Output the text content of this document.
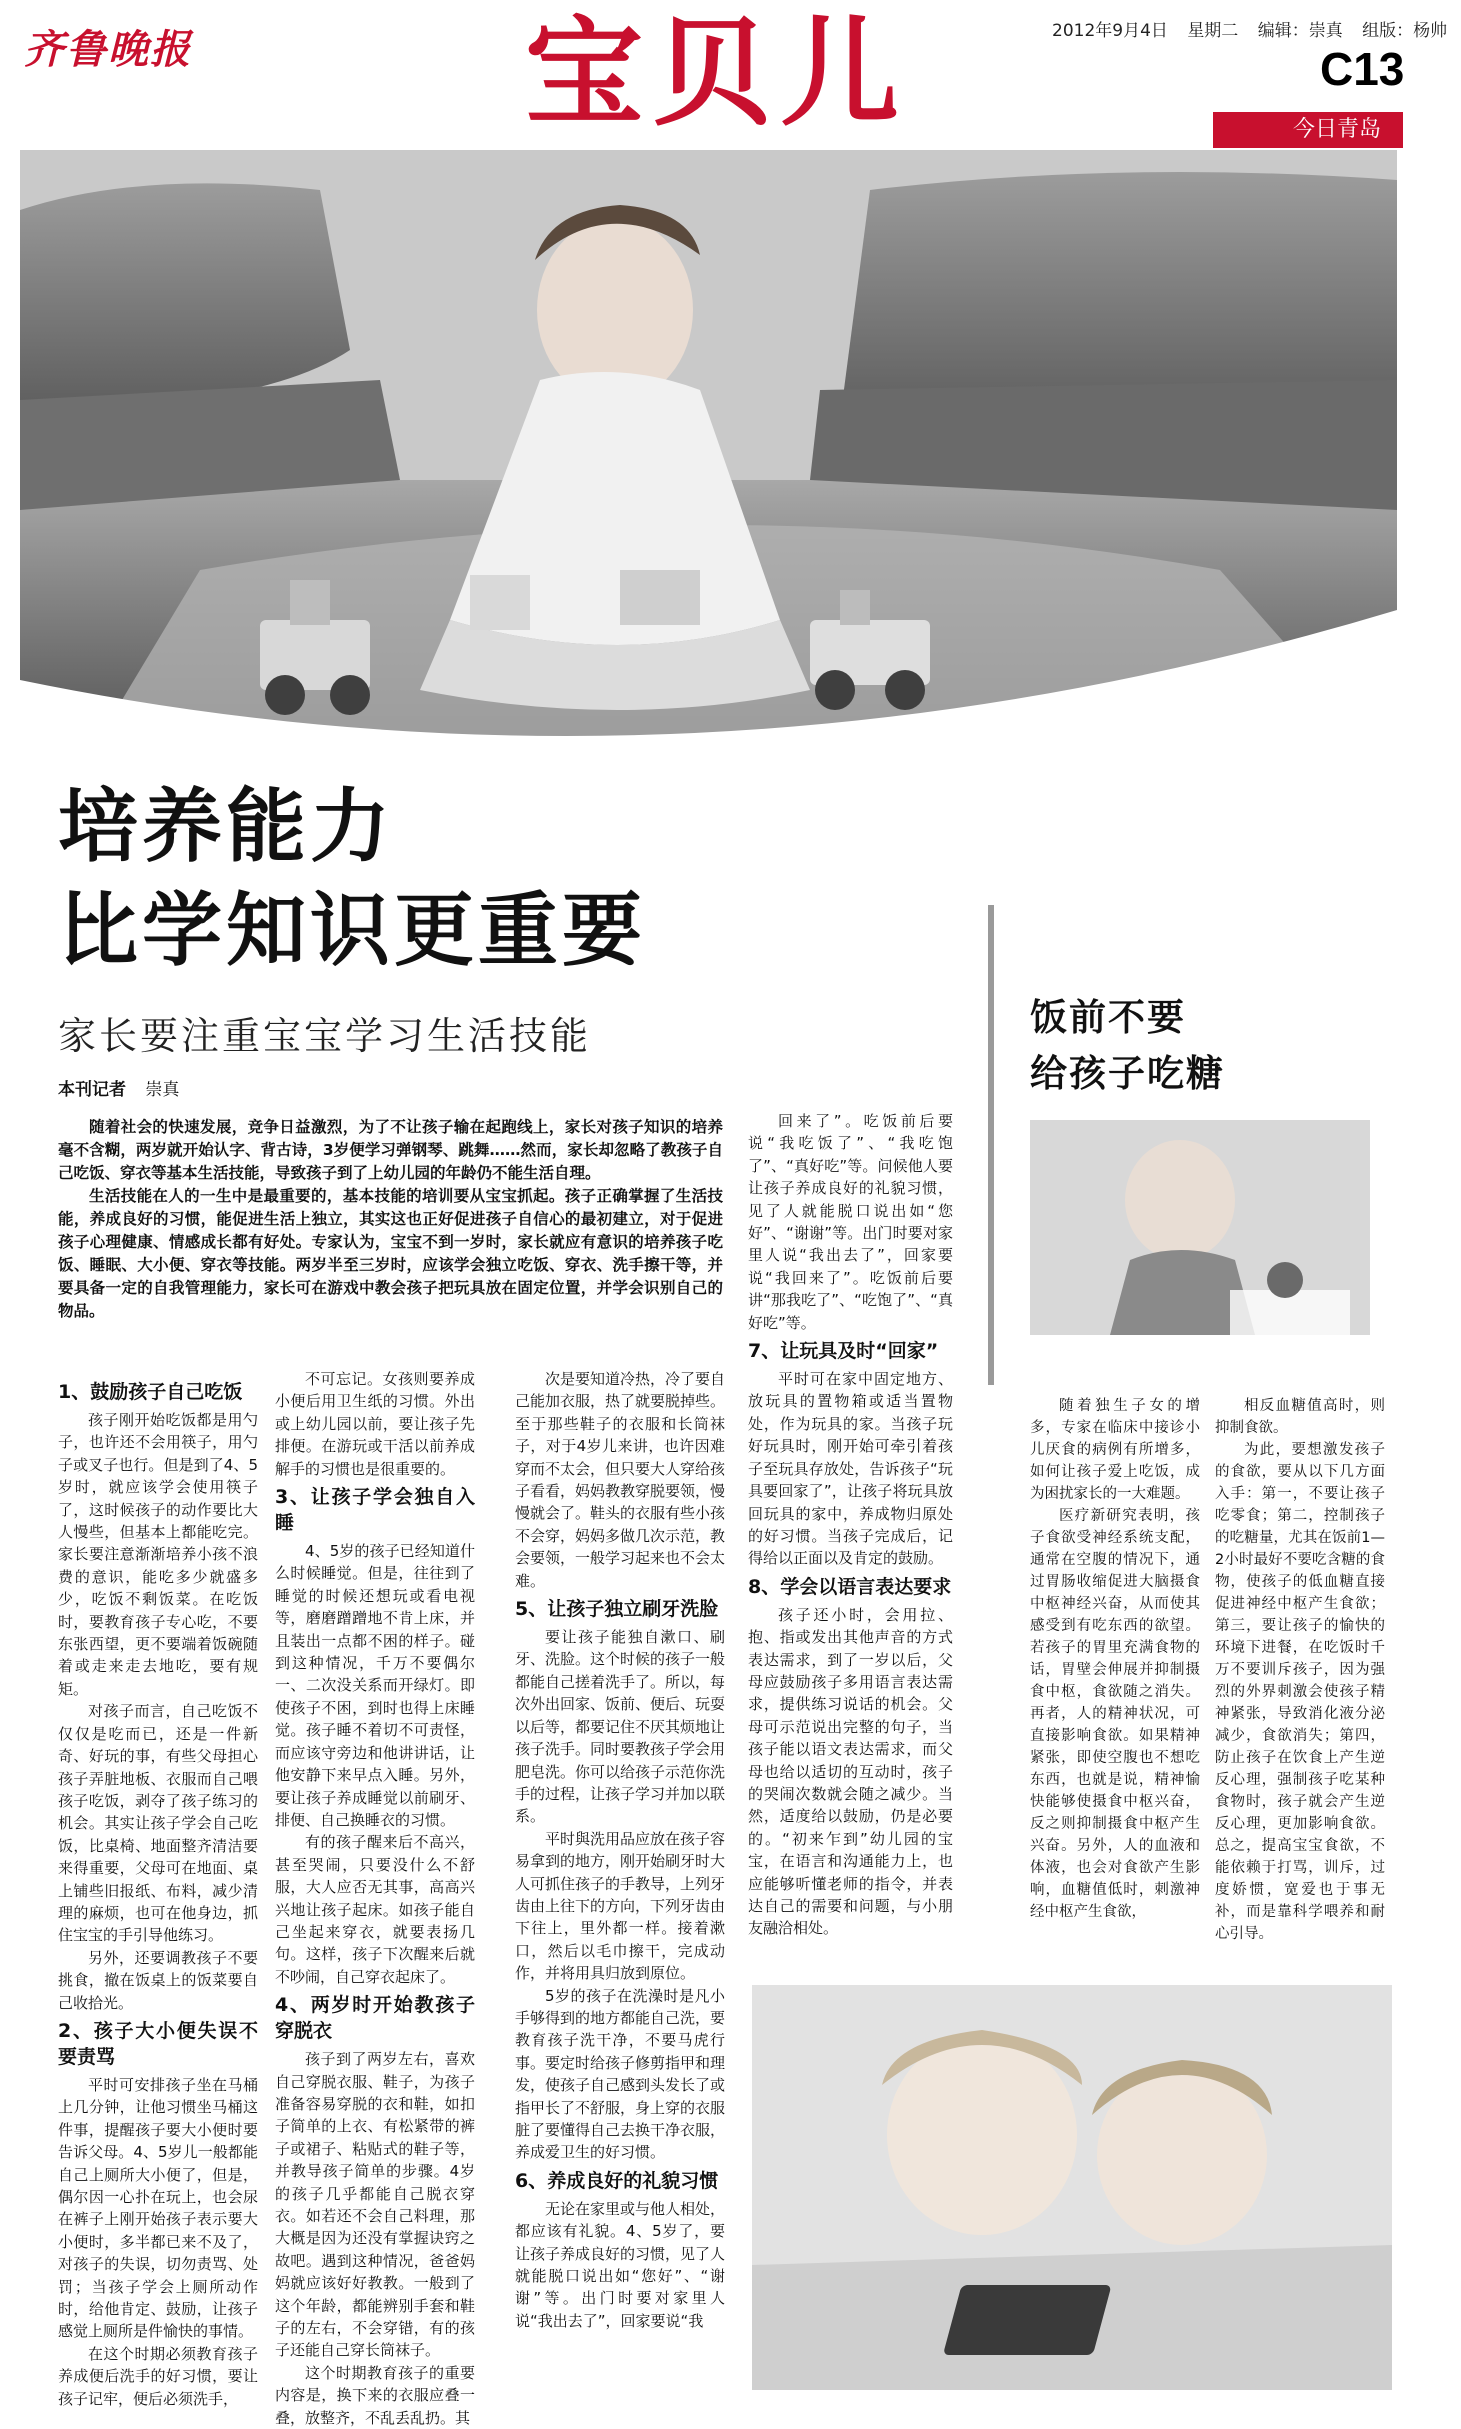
齐鲁晚报	宝贝儿	2012年9月4日 星期二 编辑：崇真 组版：杨帅
C13
今日青岛
培养能力
比学知识更重要
家长要注重宝宝学习生活技能
本刊记者 崇真

随着社会的快速发展，竞争日益激烈，为了不让孩子输在起跑线上，家长对孩子知识的培养毫不含糊，两岁就开始认字、背古诗，3岁便学习弹钢琴、跳舞……然而，家长却忽略了教孩子自己吃饭、穿衣等基本生活技能，导致孩子到了上幼儿园的年龄仍不能生活自理。

生活技能在人的一生中是最重要的，基本技能的培训要从宝宝抓起。孩子正确掌握了生活技能，养成良好的习惯，能促进生活上独立，其实这也正好促进孩子自信心的最初建立，对于促进孩子心理健康、情感成长都有好处。专家认为，宝宝不到一岁时，家长就应有意识的培养孩子吃饭、睡眠、大小便、穿衣等技能。两岁半至三岁时，应该学会独立吃饭、穿衣、洗手擦干等，并要具备一定的自我管理能力，家长可在游戏中教会孩子把玩具放在固定位置，并学会识别自己的物品。

1、鼓励孩子自己吃饭

孩子刚开始吃饭都是用勺子，也许还不会用筷子，用勺子或叉子也行。但是到了4、5岁时，就应该学会使用筷子了，这时候孩子的动作要比大人慢些，但基本上都能吃完。家长要注意渐渐培养小孩不浪费的意识，能吃多少就盛多少，吃饭不剩饭菜。在吃饭时，要教育孩子专心吃，不要东张西望，更不要端着饭碗随着或走来走去地吃，要有规矩。

对孩子而言，自己吃饭不仅仅是吃而已，还是一件新奇、好玩的事，有些父母担心孩子弄脏地板、衣服而自己喂孩子吃饭，剥夺了孩子练习的机会。其实让孩子学会自己吃饭，比桌椅、地面整齐清洁要来得重要，父母可在地面、桌上铺些旧报纸、布料，减少清理的麻烦，也可在他身边，抓住宝宝的手引导他练习。

另外，还要调教孩子不要挑食，撤在饭桌上的饭菜要自己收拾光。

2、孩子大小便失误不要责骂

平时可安排孩子坐在马桶上几分钟，让他习惯坐马桶这件事，提醒孩子要大小便时要告诉父母。4、5岁儿一般都能自己上厕所大小便了，但是，偶尔因一心扑在玩上，也会尿在裤子上刚开始孩子表示要大小便时，多半都已来不及了，对孩子的失误，切勿责骂、处罚；当孩子学会上厕所动作时，给他肯定、鼓励，让孩子感觉上厕所是件愉快的事情。

在这个时期必须教育孩子养成便后洗手的好习惯，要让孩子记牢，便后必须洗手，

不可忘记。女孩则要养成小便后用卫生纸的习惯。外出或上幼儿园以前，要让孩子先排便。在游玩或干活以前养成解手的习惯也是很重要的。

3、让孩子学会独自入睡

4、5岁的孩子已经知道什么时候睡觉。但是，往往到了睡觉的时候还想玩或看电视等，磨磨蹭蹭地不肯上床，并且装出一点都不困的样子。碰到这种情况，千万不要偶尔一、二次没关系而开绿灯。即使孩子不困，到时也得上床睡觉。孩子睡不着切不可责怪，而应该守旁边和他讲讲话，让他安静下来早点入睡。另外，要让孩子养成睡觉以前刷牙、排便、自己换睡衣的习惯。

有的孩子醒来后不高兴，甚至哭闹，只要没什么不舒服，大人应否无其事，高高兴兴地让孩子起床。如孩子能自己坐起来穿衣，就要表扬几句。这样，孩子下次醒来后就不吵闹，自己穿衣起床了。

4、两岁时开始教孩子穿脱衣

孩子到了两岁左右，喜欢自己穿脱衣服、鞋子，为孩子准备容易穿脱的衣和鞋，如扣子简单的上衣、有松紧带的裤子或裙子、粘贴式的鞋子等，并教导孩子简单的步骤。4岁的孩子几乎都能自己脱衣穿衣。如若还不会自己料理，那大概是因为还没有掌握诀窍之故吧。遇到这种情况，爸爸妈妈就应该好好教教。一般到了这个年龄，都能辨别手套和鞋子的左右，不会穿错，有的孩子还能自己穿长筒袜子。

这个时期教育孩子的重要内容是，换下来的衣服应叠一叠，放整齐，不乱丢乱扔。其

次是要知道冷热，冷了要自己能加衣服，热了就要脱掉些。至于那些鞋子的衣服和长筒袜子，对于4岁儿来讲，也许因难穿而不太会，但只要大人穿给孩子看看，妈妈教教穿脱要领，慢慢就会了。鞋头的衣服有些小孩不会穿，妈妈多做几次示范，教会要领，一般学习起来也不会太难。

5、让孩子独立刷牙洗脸

要让孩子能独自漱口、刷牙、洗脸。这个时候的孩子一般都能自己搓着洗手了。所以，每次外出回家、饭前、便后、玩耍以后等，都要记住不厌其烦地让孩子洗手。同时要教孩子学会用肥皂洗。你可以给孩子示范你洗手的过程，让孩子学习并加以联系。

平时與洗用品应放在孩子容易拿到的地方，刚开始刷牙时大人可抓住孩子的手教导，上列牙齿由上往下的方向，下列牙齿由下往上，里外都一样。接着漱口，然后以毛巾擦干，完成动作，并将用具归放到原位。

5岁的孩子在洗澡时是凡小手够得到的地方都能自己洗，要教育孩子洗干净，不要马虎行事。要定时给孩子修剪指甲和理发，使孩子自己感到头发长了或指甲长了不舒服，身上穿的衣服脏了要懂得自己去换干净衣服，养成爱卫生的好习惯。

6、养成良好的礼貌习惯

无论在家里或与他人相处，都应该有礼貌。4、5岁了，要让孩子养成良好的习惯，见了人就能脱口说出如“您好”、“谢谢”等。出门时要对家里人说“我出去了”，回家要说“我

回来了”。吃饭前后要说“我吃饭了”、“我吃饱了”、“真好吃”等。问候他人要让孩子养成良好的礼貌习惯，见了人就能脱口说出如“您好”、“谢谢”等。出门时要对家里人说“我出去了”，回家要说“我回来了”。吃饭前后要讲“那我吃了”、“吃饱了”、“真好吃”等。

7、让玩具及时“回家”

平时可在家中固定地方、放玩具的置物箱或适当置物处，作为玩具的家。当孩子玩好玩具时，刚开始可牵引着孩子至玩具存放处，告诉孩子“玩具要回家了”，让孩子将玩具放回玩具的家中，养成物归原处的好习惯。当孩子完成后，记得给以正面以及肯定的鼓励。

8、学会以语言表达要求

孩子还小时，会用拉、抱、指或发出其他声音的方式表达需求，到了一岁以后，父母应鼓励孩子多用语言表达需求，提供练习说话的机会。父母可示范说出完整的句子，当孩子能以语文表达需求，而父母也给以适切的互动时，孩子的哭闹次数就会随之减少。当然，适度给以鼓励，仍是必要的。“初来乍到”幼儿园的宝宝，在语言和沟通能力上，也应能够听懂老师的指令，并表达自己的需要和问题，与小朋友融洽相处。

饭前不要
给孩子吃糖

随着独生子女的增多，专家在临床中接诊小儿厌食的病例有所增多，如何让孩子爱上吃饭，成为困扰家长的一大难题。

医疗新研究表明，孩子食欲受神经系统支配，通常在空腹的情况下，通过胃肠收缩促进大脑摄食中枢神经兴奋，从而使其感受到有吃东西的欲望。若孩子的胃里充满食物的话，胃壁会伸展并抑制摄食中枢，食欲随之消失。再者，人的精神状况，可直接影响食欲。如果精神紧张，即使空腹也不想吃东西，也就是说，精神愉快能够使摄食中枢兴奋，反之则抑制摄食中枢产生兴奋。另外，人的血液和体液，也会对食欲产生影响，血糖值低时，刺激神经中枢产生食欲，

相反血糖值高时，则抑制食欲。

为此，要想激发孩子的食欲，要从以下几方面入手：第一，不要让孩子吃零食；第二，控制孩子的吃糖量，尤其在饭前1—2小时最好不要吃含糖的食物，使孩子的低血糖直接促进神经中枢产生食欲；第三，要让孩子的愉快的环境下进餐，在吃饭时千万不要训斥孩子，因为强烈的外界刺激会使孩子精神紧张，导致消化液分泌减少，食欲消失；第四，防止孩子在饮食上产生逆反心理，强制孩子吃某种食物时，孩子就会产生逆反心理，更加影响食欲。总之，提高宝宝食欲，不能依赖于打骂，训斥，过度娇惯，宽爱也于事无补，而是靠科学喂养和耐心引导。
